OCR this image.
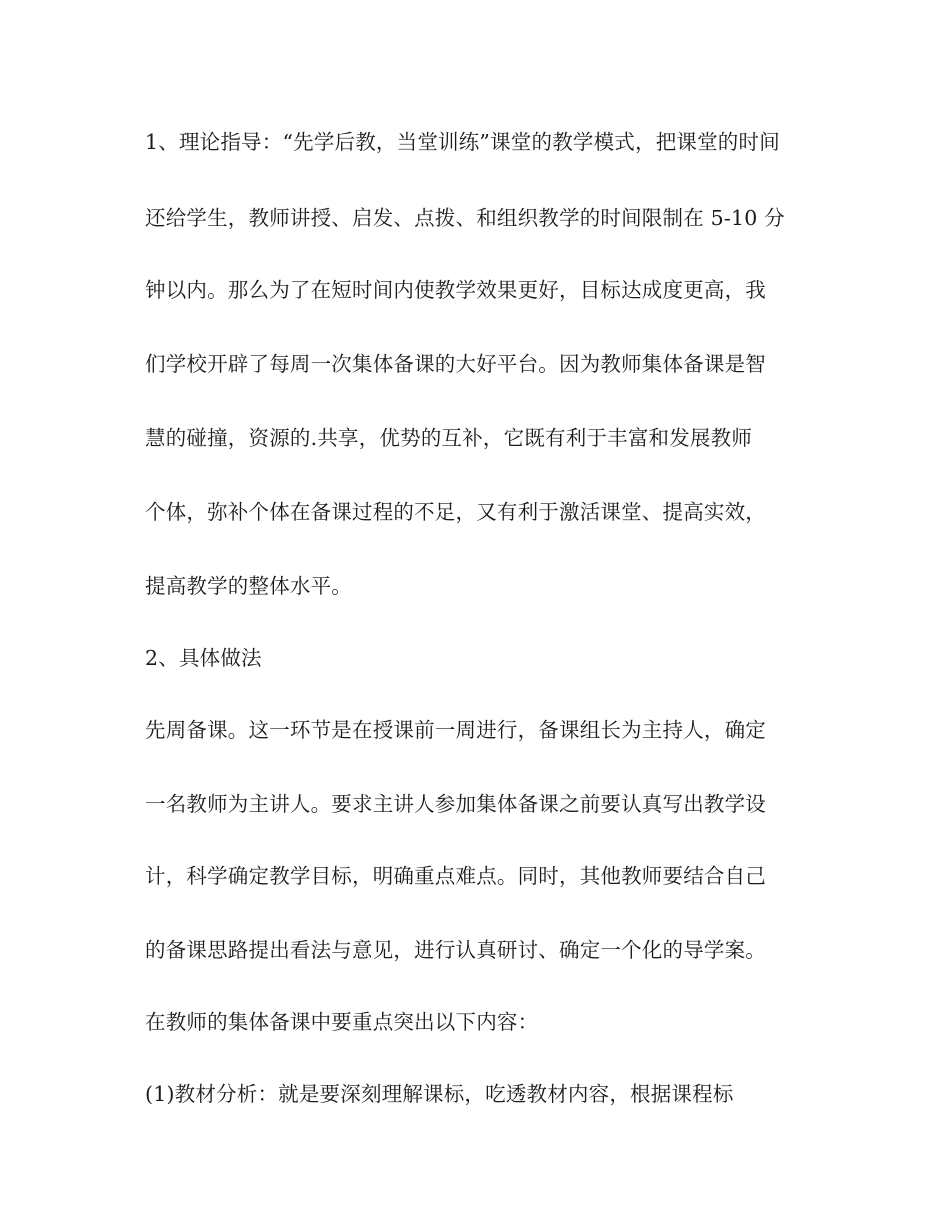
1、理论指导：“先学后教，当堂训练”课堂的教学模式，把课堂的时间
还给学生，教师讲授、启发、点拨、和组织教学的时间限制在 5-10 分
钟以内。那么为了在短时间内使教学效果更好，目标达成度更高，我
们学校开辟了每周一次集体备课的大好平台。因为教师集体备课是智
慧的碰撞，资源的.共享，优势的互补，它既有利于丰富和发展教师
个体，弥补个体在备课过程的不足，又有利于激活课堂、提高实效，
提高教学的整体水平。
2、具体做法
先周备课。这一环节是在授课前一周进行，备课组长为主持人，确定
一名教师为主讲人。要求主讲人参加集体备课之前要认真写出教学设
计，科学确定教学目标，明确重点难点。同时，其他教师要结合自己
的备课思路提出看法与意见，进行认真研讨、确定一个化的导学案。
在教师的集体备课中要重点突出以下内容：
(1)教材分析：就是要深刻理解课标，吃透教材内容，根据课程标
